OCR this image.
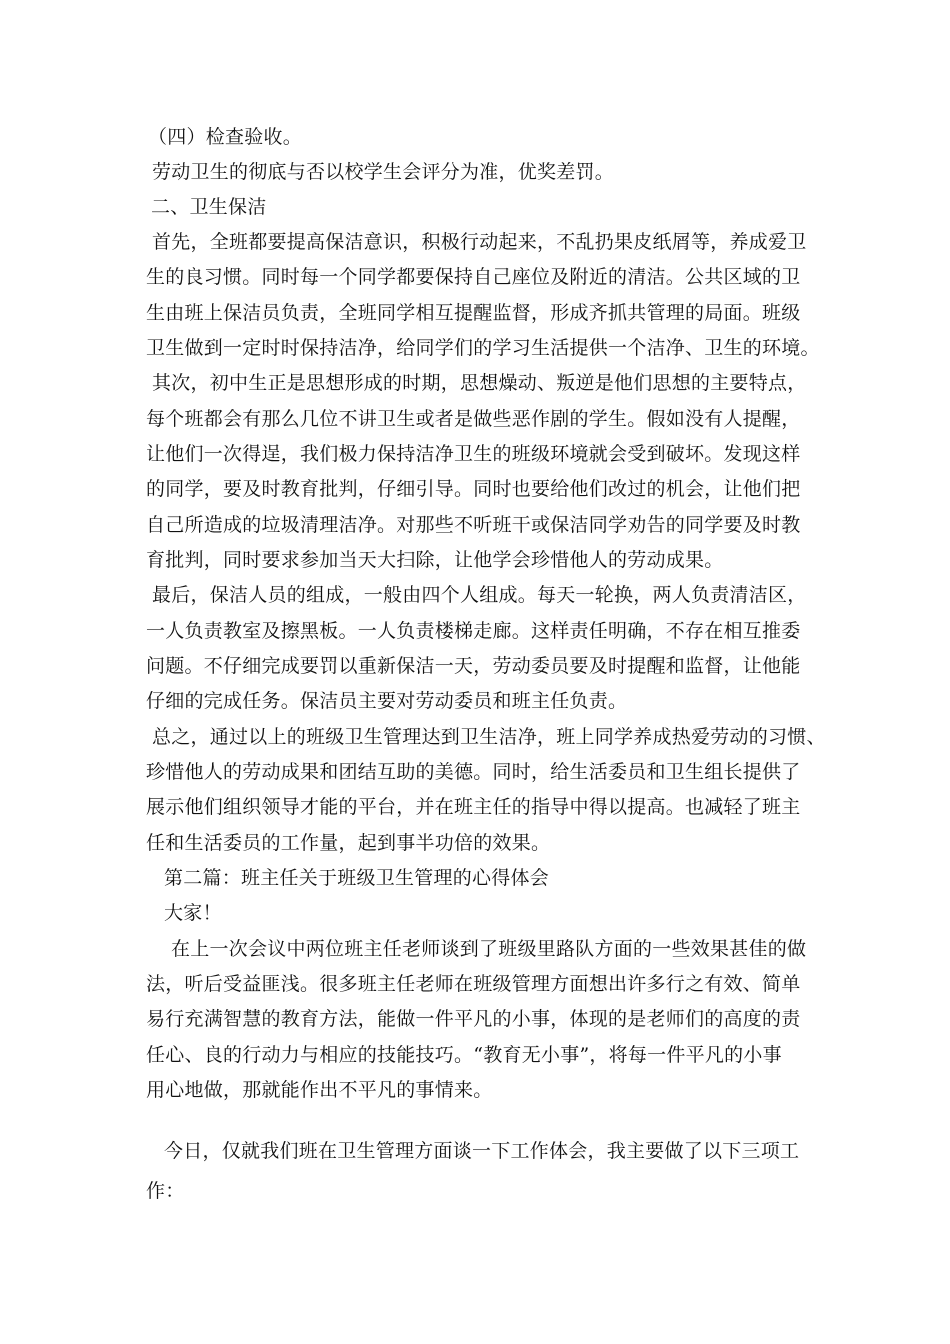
（四）检查验收。
劳动卫生的彻底与否以校学生会评分为准，优奖差罚。
二、卫生保洁
首先，全班都要提高保洁意识，积极行动起来，不乱扔果皮纸屑等，养成爱卫
生的良习惯。同时每一个同学都要保持自己座位及附近的清洁。公共区域的卫
生由班上保洁员负责，全班同学相互提醒监督，形成齐抓共管理的局面。班级
卫生做到一定时时保持洁净，给同学们的学习生活提供一个洁净、卫生的环境。
其次，初中生正是思想形成的时期，思想燥动、叛逆是他们思想的主要特点，
每个班都会有那么几位不讲卫生或者是做些恶作剧的学生。假如没有人提醒，
让他们一次得逞，我们极力保持洁净卫生的班级环境就会受到破坏。发现这样
的同学，要及时教育批判，仔细引导。同时也要给他们改过的机会，让他们把
自己所造成的垃圾清理洁净。对那些不听班干或保洁同学劝告的同学要及时教
育批判，同时要求参加当天大扫除，让他学会珍惜他人的劳动成果。
最后，保洁人员的组成，一般由四个人组成。每天一轮换，两人负责清洁区，
一人负责教室及擦黑板。一人负责楼梯走廊。这样责任明确，不存在相互推委
问题。不仔细完成要罚以重新保洁一天，劳动委员要及时提醒和监督，让他能
仔细的完成任务。保洁员主要对劳动委员和班主任负责。
总之，通过以上的班级卫生管理达到卫生洁净，班上同学养成热爱劳动的习惯、
珍惜他人的劳动成果和团结互助的美德。同时，给生活委员和卫生组长提供了
展示他们组织领导才能的平台，并在班主任的指导中得以提高。也减轻了班主
任和生活委员的工作量，起到事半功倍的效果。
第二篇：班主任关于班级卫生管理的心得体会
大家！
在上一次会议中两位班主任老师谈到了班级里路队方面的一些效果甚佳的做
法，听后受益匪浅。很多班主任老师在班级管理方面想出许多行之有效、简单
易行充满智慧的教育方法，能做一件平凡的小事，体现的是老师们的高度的责
任心、良的行动力与相应的技能技巧。“教育无小事”，将每一件平凡的小事
用心地做，那就能作出不平凡的事情来。
今日，仅就我们班在卫生管理方面谈一下工作体会，我主要做了以下三项工
作：
